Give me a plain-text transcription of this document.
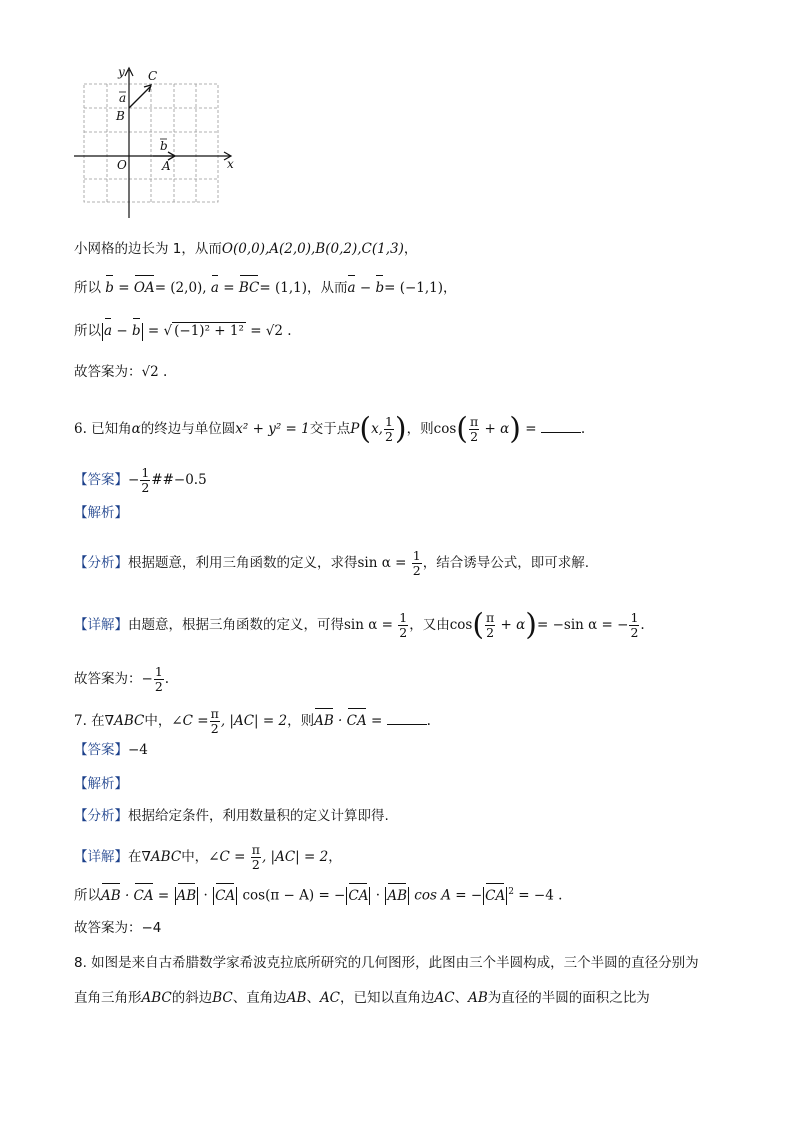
y
x
C
B
O	A
a
b
小网格的边长为 1，从而O(0,0),A(2,0),B(0,2),C(1,3)，
所以 b = OA= (2,0), a = BC= (1,1)，从而a − b= (−1,1)，
所以 a − b = √ (−1)² + 1² = √2 .
故答案为：√2 .
6. 已知角α的终边与单位圆x² + y² = 1交于点P(x, $\frac{1}{2}$ )，则$\cos( \frac{\pi}{2} + \alpha)$ =	.
【答案】− $\frac{1}{2}$ ##−0.5
【解析】
【分析】根据题意，利用三角函数的定义，求得$\sin \alpha = \frac{1}{2}$ ，结合诱导公式，即可求解.
【详解】由题意，根据三角函数的定义，可得$\sin \alpha = \frac{1}{2}$ ，又由$\cos( \frac{\pi}{2} + \alpha)= -\sin$ α = − $\frac{1}{2}$ .
故答案为：− $\frac{1}{2}$ .
7. 在∇ABC中，∠C = $\frac{\pi}{2}$ , |AC| = 2，则AB · CA =	.
【答案】−4
【解析】
【分析】根据给定条件，利用数量积的定义计算即得.
【详解】在∇ABC中，∠C = $\frac{\pi}{2}$ , |AC| = 2，
所以AB · CA = AB · CA cos(π − A) = − CA · AB cos A = − CA $^2$ = −4 .
故答案为：−4
8. 如图是来自古希腊数学家希波克拉底所研究的几何图形，此图由三个半圆构成，三个半圆的直径分别为
直角三角形ABC的斜边BC、直角边AB、AC，已知以直角边AC、AB为直径的半圆的面积之比为
